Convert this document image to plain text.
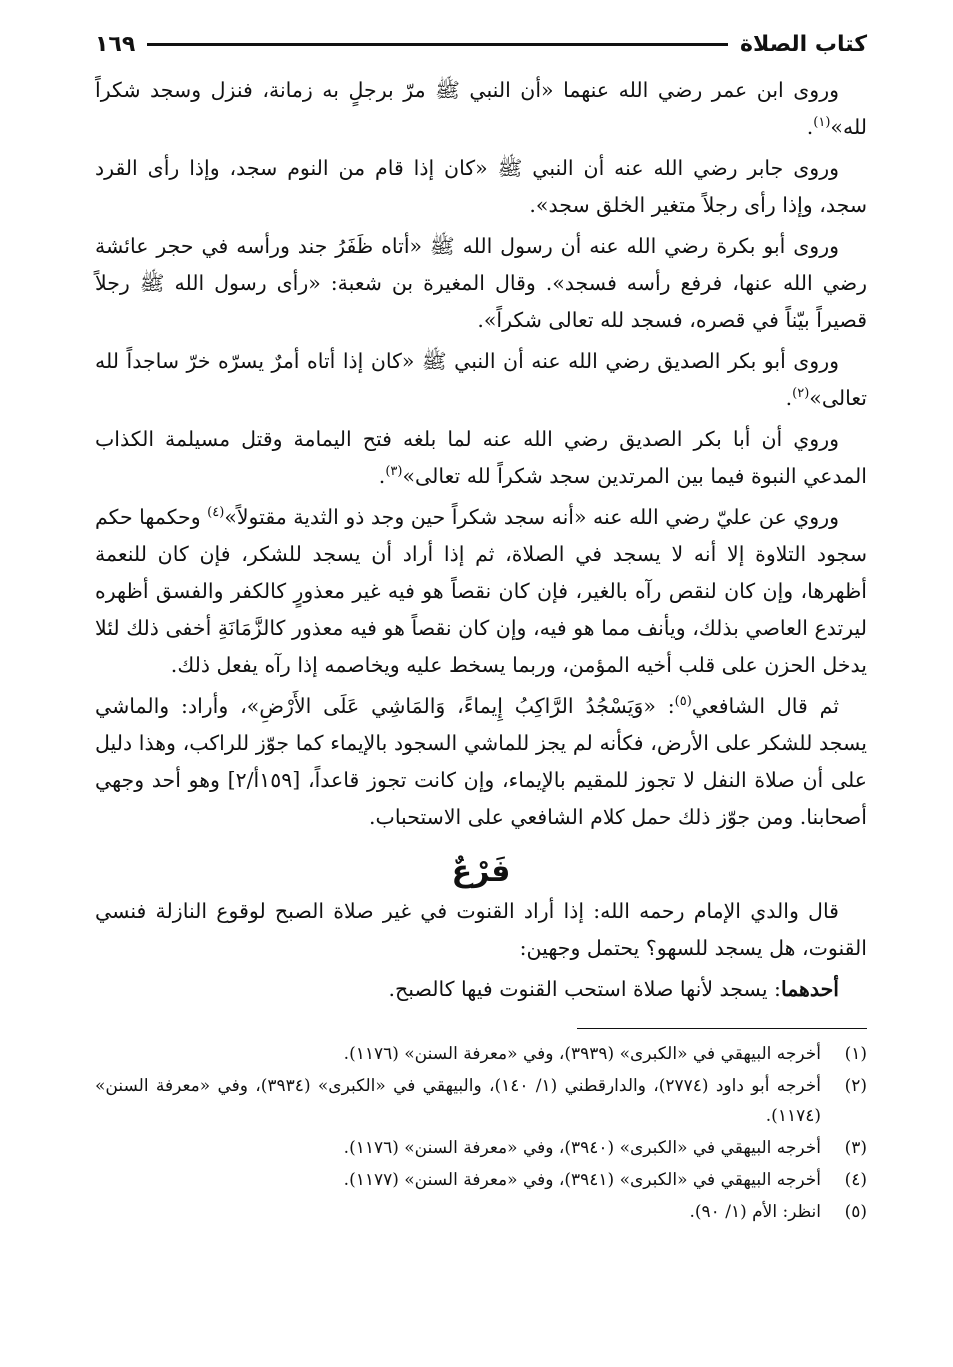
كتاب الصلاة
١٦٩

وروى ابن عمر رضي الله عنهما «أن النبي ﷺ مرّ برجلٍ به زمانة، فنزل وسجد شكراً لله»$^{(١)}$.

وروى جابر رضي الله عنه أن النبي ﷺ «كان إذا قام من النوم سجد، وإذا رأى القرد سجد، وإذا رأى رجلاً متغير الخلق سجد».

وروى أبو بكرة رضي الله عنه أن رسول الله ﷺ «أتاه ظَفَرُ جند ورأسه في حجر عائشة رضي الله عنها، فرفع رأسه فسجد». وقال المغيرة بن شعبة: «رأى رسول الله ﷺ رجلاً قصيراً بيّناً في قصره، فسجد لله تعالى شكراً».

وروى أبو بكر الصديق رضي الله عنه أن النبي ﷺ «كان إذا أتاه أمرٌ يسرّه خرّ ساجداً لله تعالى»$^{(٢)}$.

وروي أن أبا بكر الصديق رضي الله عنه لما بلغه فتح اليمامة وقتل مسيلمة الكذاب المدعي النبوة فيما بين المرتدين سجد شكراً لله تعالى»$^{(٣)}$.

وروي عن عليّ رضي الله عنه «أنه سجد شكراً حين وجد ذو الثدية مقتولاً»$^{(٤)}$ وحكمها حكم سجود التلاوة إلا أنه لا يسجد في الصلاة، ثم إذا أراد أن يسجد للشكر، فإن كان للنعمة أظهرها، وإن كان لنقص رآه بالغير، فإن كان نقصاً هو فيه غير معذورٍ كالكفر والفسق أظهره ليرتدع العاصي بذلك، ويأنف مما هو فيه، وإن كان نقصاً هو فيه معذور كالزَّمَانَةِ أخفى ذلك لئلا يدخل الحزن على قلب أخيه المؤمن، وربما يسخط عليه ويخاصمه إذا رآه يفعل ذلك.

ثم قال الشافعي$^{(٥)}$: «وَيَسْجُدُ الرَّاكِبُ إِيماءً، وَالمَاشِي عَلَى الأَرْضِ»، وأراد: والماشي يسجد للشكر على الأرض، فكأنه لم يجز للماشي السجود بالإيماء كما جوّز للراكب، وهذا دليل على أن صلاة النفل لا تجوز للمقيم بالإيماء، وإن كانت تجوز قاعداً، [١٥٩أ/٢] وهو أحد وجهي أصحابنا. ومن جوّز ذلك حمل كلام الشافعي على الاستحباب.

فَرْعٌ

قال والدي الإمام رحمه الله: إذا أراد القنوت في غير صلاة الصبح لوقوع النازلة فنسي القنوت، هل يسجد للسهو؟ يحتمل وجهين:

أحدهما: يسجد لأنها صلاة استحب القنوت فيها كالصبح.

(١)
أخرجه البيهقي في «الكبرى» (٣٩٣٩)، وفي «معرفة السنن» (١١٧٦).
(٢)
أخرجه أبو داود (٢٧٧٤)، والدارقطني (١/ ١٤٠)، والبيهقي في «الكبرى» (٣٩٣٤)، وفي «معرفة السنن» (١١٧٤).
(٣)
أخرجه البيهقي في «الكبرى» (٣٩٤٠)، وفي «معرفة السنن» (١١٧٦).
(٤)
أخرجه البيهقي في «الكبرى» (٣٩٤١)، وفي «معرفة السنن» (١١٧٧).
(٥)
انظر: الأم (١/ ٩٠).
